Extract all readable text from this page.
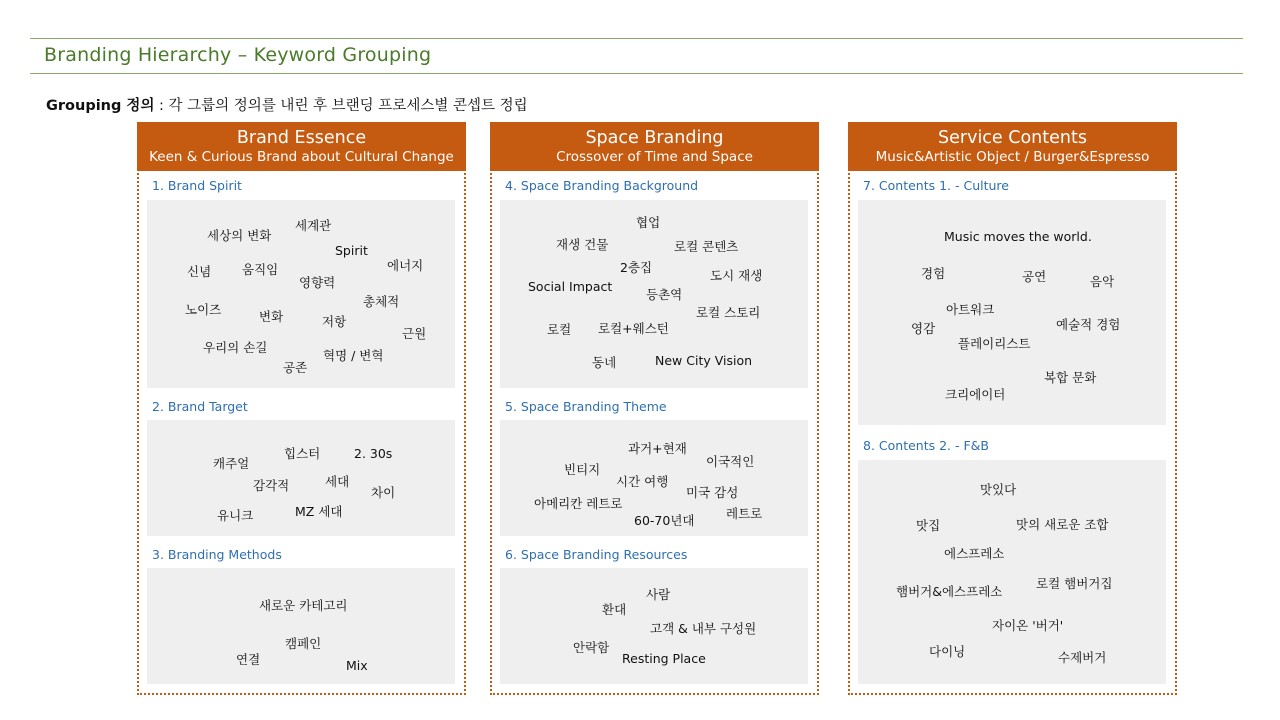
Branding Hierarchy – Keyword Grouping
Grouping 정의 : 각 그룹의 정의를 내린 후 브랜딩 프로세스별 콘셉트 정립
Brand Essence
Keen & Curious Brand about Cultural Change
1. Brand Spirit
세상의 변화
세계관
Spirit
에너지
신념 움직임
영향력
총체적
노이즈	변화	저항
근원
우리의 손길
공존
혁명 / 변혁
2. Brand Target
힙스터	2. 30s
캐주얼
감각적	세대
차이
유니크	MZ 세대
3. Branding Methods
새로운 카테고리
캠페인
연결	Mix
Space Branding
Crossover of Time and Space
4. Space Branding Background
협업
재생 건물	로컬 콘텐츠
2층집
도시 재생
Social Impact
등촌역
로컬 스토리
로컬 로컬+웨스턴
동네	New City Vision
5. Space Branding Theme
과거+현재
이국적인
빈티지
시간 여행
미국 감성
아메리칸 레트로
레트로
60-70년대
6. Space Branding Resources
사람
환대
고객 & 내부 구성원
안락함
Resting Place
Service Contents
Music&Artistic Object / Burger&Espresso
7. Contents 1. - Culture
Music moves the world.
경험	공연	음악
아트워크
영감	예술적 경험
플레이리스트
복합 문화
크리에이터
8. Contents 2. - F&B
맛있다
맛집	맛의 새로운 조합
에스프레소
햄버거&에스프레소
로컬 햄버거집
자이온 '버거'
다이닝	수제버거
